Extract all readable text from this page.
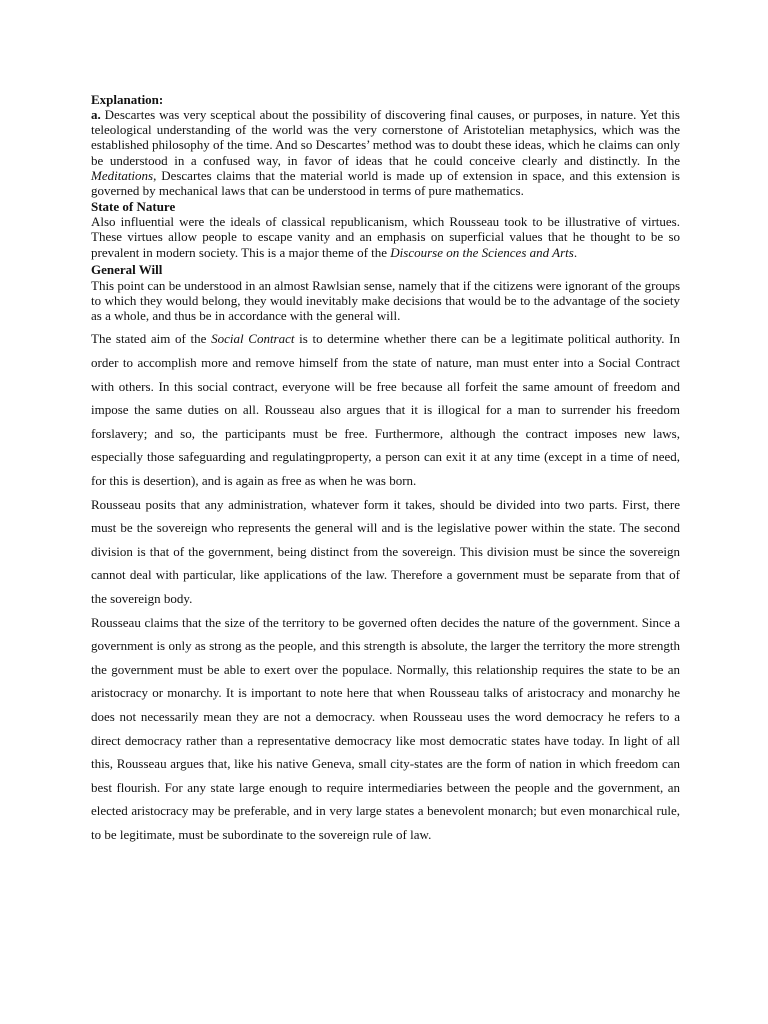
Explanation:

a. Descartes was very sceptical about the possibility of discovering final causes, or purposes, in nature. Yet this teleological understanding of the world was the very cornerstone of Aristotelian metaphysics, which was the established philosophy of the time. And so Descartes’ method was to doubt these ideas, which he claims can only be understood in a confused way, in favor of ideas that he could conceive clearly and distinctly. In the Meditations, Descartes claims that the material world is made up of extension in space, and this extension is governed by mechanical laws that can be understood in terms of pure mathematics.

State of Nature

Also influential were the ideals of classical republicanism, which Rousseau took to be illustrative of virtues. These virtues allow people to escape vanity and an emphasis on superficial values that he thought to be so prevalent in modern society. This is a major theme of the Discourse on the Sciences and Arts.

General Will

This point can be understood in an almost Rawlsian sense, namely that if the citizens were ignorant of the groups to which they would belong, they would inevitably make decisions that would be to the advantage of the society as a whole, and thus be in accordance with the general will.

The stated aim of the Social Contract is to determine whether there can be a legitimate political authority. In order to accomplish more and remove himself from the state of nature, man must enter into a Social Contract with others. In this social contract, everyone will be free because all forfeit the same amount of freedom and impose the same duties on all. Rousseau also argues that it is illogical for a man to surrender his freedom forslavery; and so, the participants must be free. Furthermore, although the contract imposes new laws, especially those safeguarding and regulatingproperty, a person can exit it at any time (except in a time of need, for this is desertion), and is again as free as when he was born.

Rousseau posits that any administration, whatever form it takes, should be divided into two parts. First, there must be the sovereign who represents the general will and is the legislative power within the state. The second division is that of the government, being distinct from the sovereign. This division must be since the sovereign cannot deal with particular, like applications of the law. Therefore a government must be separate from that of the sovereign body.

Rousseau claims that the size of the territory to be governed often decides the nature of the government. Since a government is only as strong as the people, and this strength is absolute, the larger the territory the more strength the government must be able to exert over the populace. Normally, this relationship requires the state to be an aristocracy or monarchy. It is important to note here that when Rousseau talks of aristocracy and monarchy he does not necessarily mean they are not a democracy. when Rousseau uses the word democracy he refers to a direct democracy rather than a representative democracy like most democratic states have today. In light of all this, Rousseau argues that, like his native Geneva, small city-states are the form of nation in which freedom can best flourish. For any state large enough to require intermediaries between the people and the government, an elected aristocracy may be preferable, and in very large states a benevolent monarch; but even monarchical rule, to be legitimate, must be subordinate to the sovereign rule of law.
